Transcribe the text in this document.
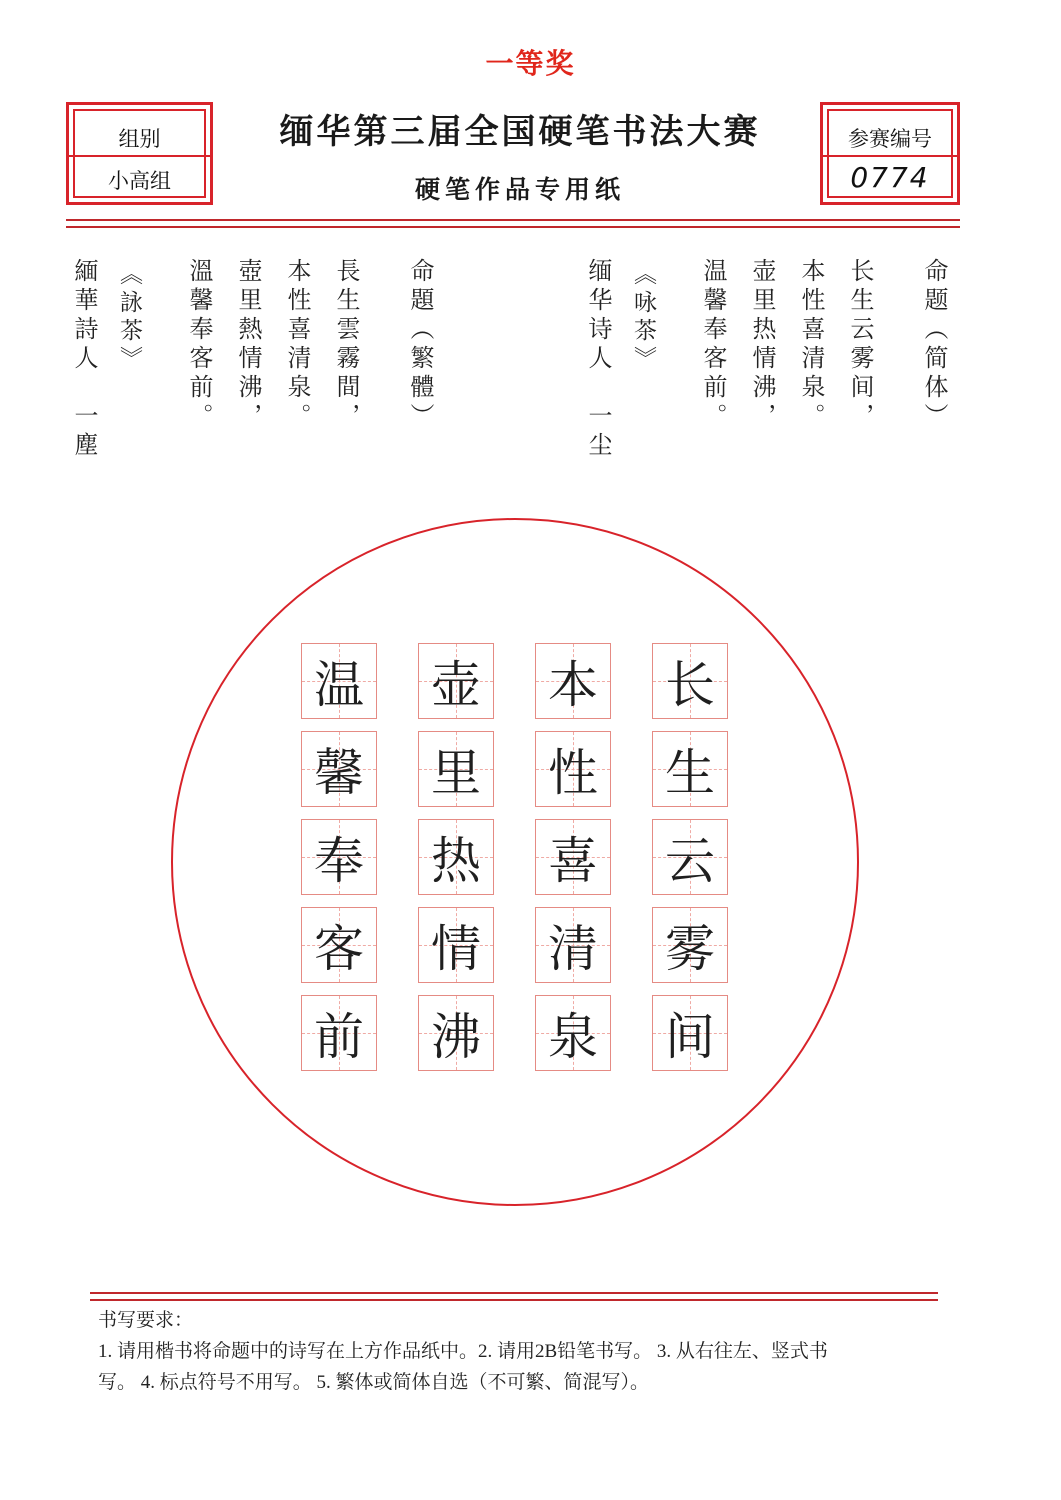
一等奖
缅华第三届全国硬笔书法大赛
硬笔作品专用纸
组别
小高组
参赛编号
0774
命題（繁體）
長生雲霧間，
本性喜清泉。
壺里熱情沸，
溫馨奉客前。
《詠茶》
緬華詩人　一塵	命题（简体）
长生云雾间，
本性喜清泉。
壶里热情沸，
温馨奉客前。
《咏茶》
缅华诗人　一尘
长
生
云
雾
间
本
性
喜
清
泉
壶
里
热
情
沸
温
馨
奉
客
前
书写要求：
1. 请用楷书将命题中的诗写在上方作品纸中。2. 请用2B铅笔书写。 3. 从右往左、竖式书
写。 4. 标点符号不用写。 5. 繁体或简体自选（不可繁、简混写）。
